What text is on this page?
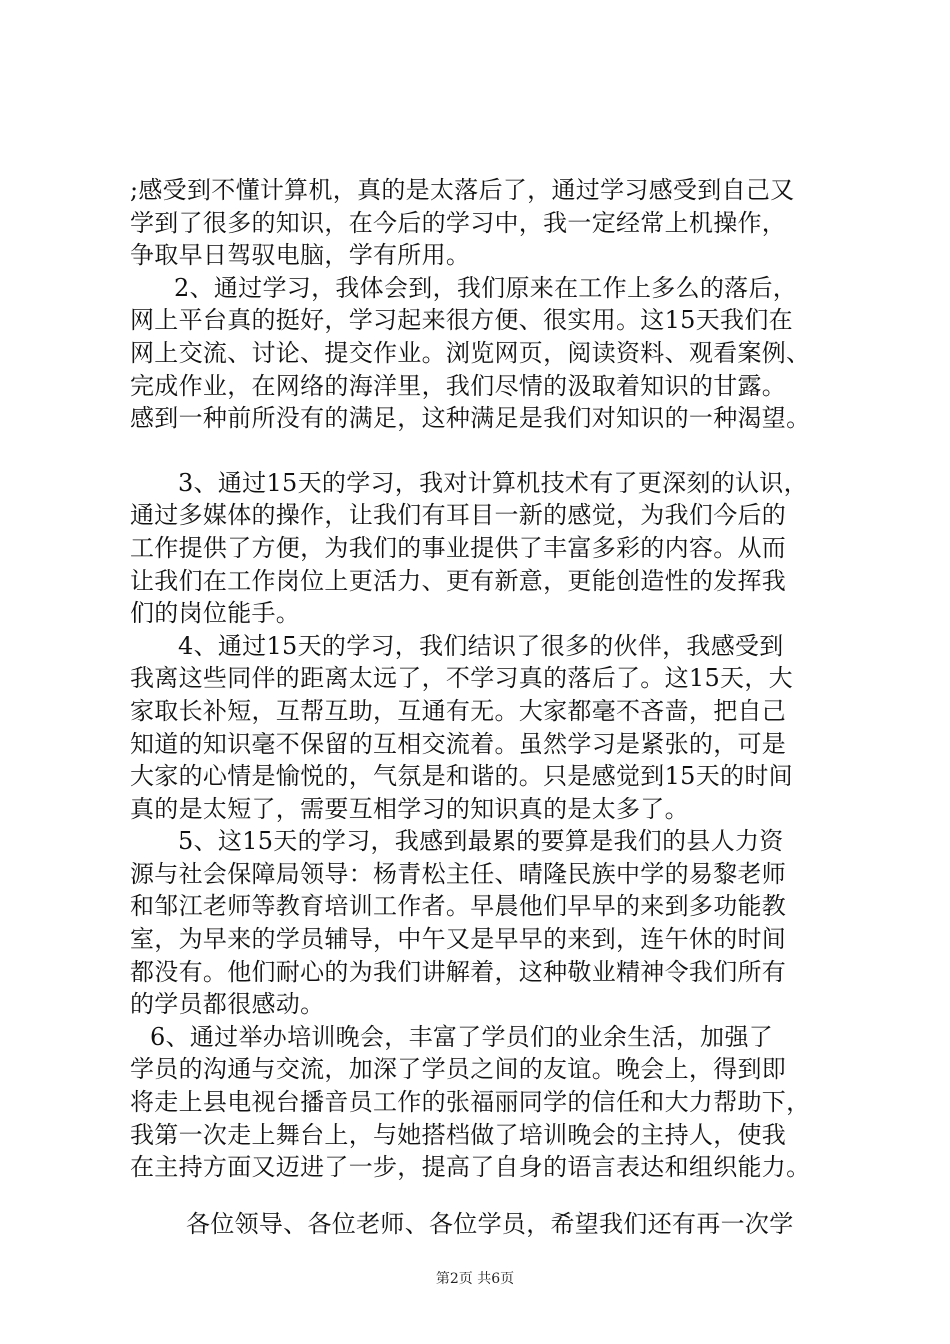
;感受到不懂计算机，真的是太落后了，通过学习感受到自己又
学到了很多的知识，在今后的学习中，我一定经常上机操作，
争取早日驾驭电脑，学有所用。
2、通过学习，我体会到，我们原来在工作上多么的落后，
网上平台真的挺好，学习起来很方便、很实用。这15天我们在
网上交流、讨论、提交作业。浏览网页，阅读资料、观看案例、
完成作业，在网络的海洋里，我们尽情的汲取着知识的甘露。
感到一种前所没有的满足，这种满足是我们对知识的一种渴望。
3、通过15天的学习，我对计算机技术有了更深刻的认识，
通过多媒体的操作，让我们有耳目一新的感觉，为我们今后的
工作提供了方便，为我们的事业提供了丰富多彩的内容。从而
让我们在工作岗位上更活力、更有新意，更能创造性的发挥我
们的岗位能手。
4、通过15天的学习，我们结识了很多的伙伴，我感受到
我离这些同伴的距离太远了，不学习真的落后了。这15天，大
家取长补短，互帮互助，互通有无。大家都毫不吝啬，把自己
知道的知识毫不保留的互相交流着。虽然学习是紧张的，可是
大家的心情是愉悦的，气氛是和谐的。只是感觉到15天的时间
真的是太短了，需要互相学习的知识真的是太多了。
5、这15天的学习，我感到最累的要算是我们的县人力资
源与社会保障局领导：杨青松主任、晴隆民族中学的易黎老师
和邹江老师等教育培训工作者。早晨他们早早的来到多功能教
室，为早来的学员辅导，中午又是早早的来到，连午休的时间
都没有。他们耐心的为我们讲解着，这种敬业精神令我们所有
的学员都很感动。
6、通过举办培训晚会，丰富了学员们的业余生活，加强了
学员的沟通与交流，加深了学员之间的友谊。晚会上，得到即
将走上县电视台播音员工作的张福丽同学的信任和大力帮助下，
我第一次走上舞台上，与她搭档做了培训晚会的主持人，使我
在主持方面又迈进了一步，提高了自身的语言表达和组织能力。
各位领导、各位老师、各位学员，希望我们还有再一次学
第2页 共6页
